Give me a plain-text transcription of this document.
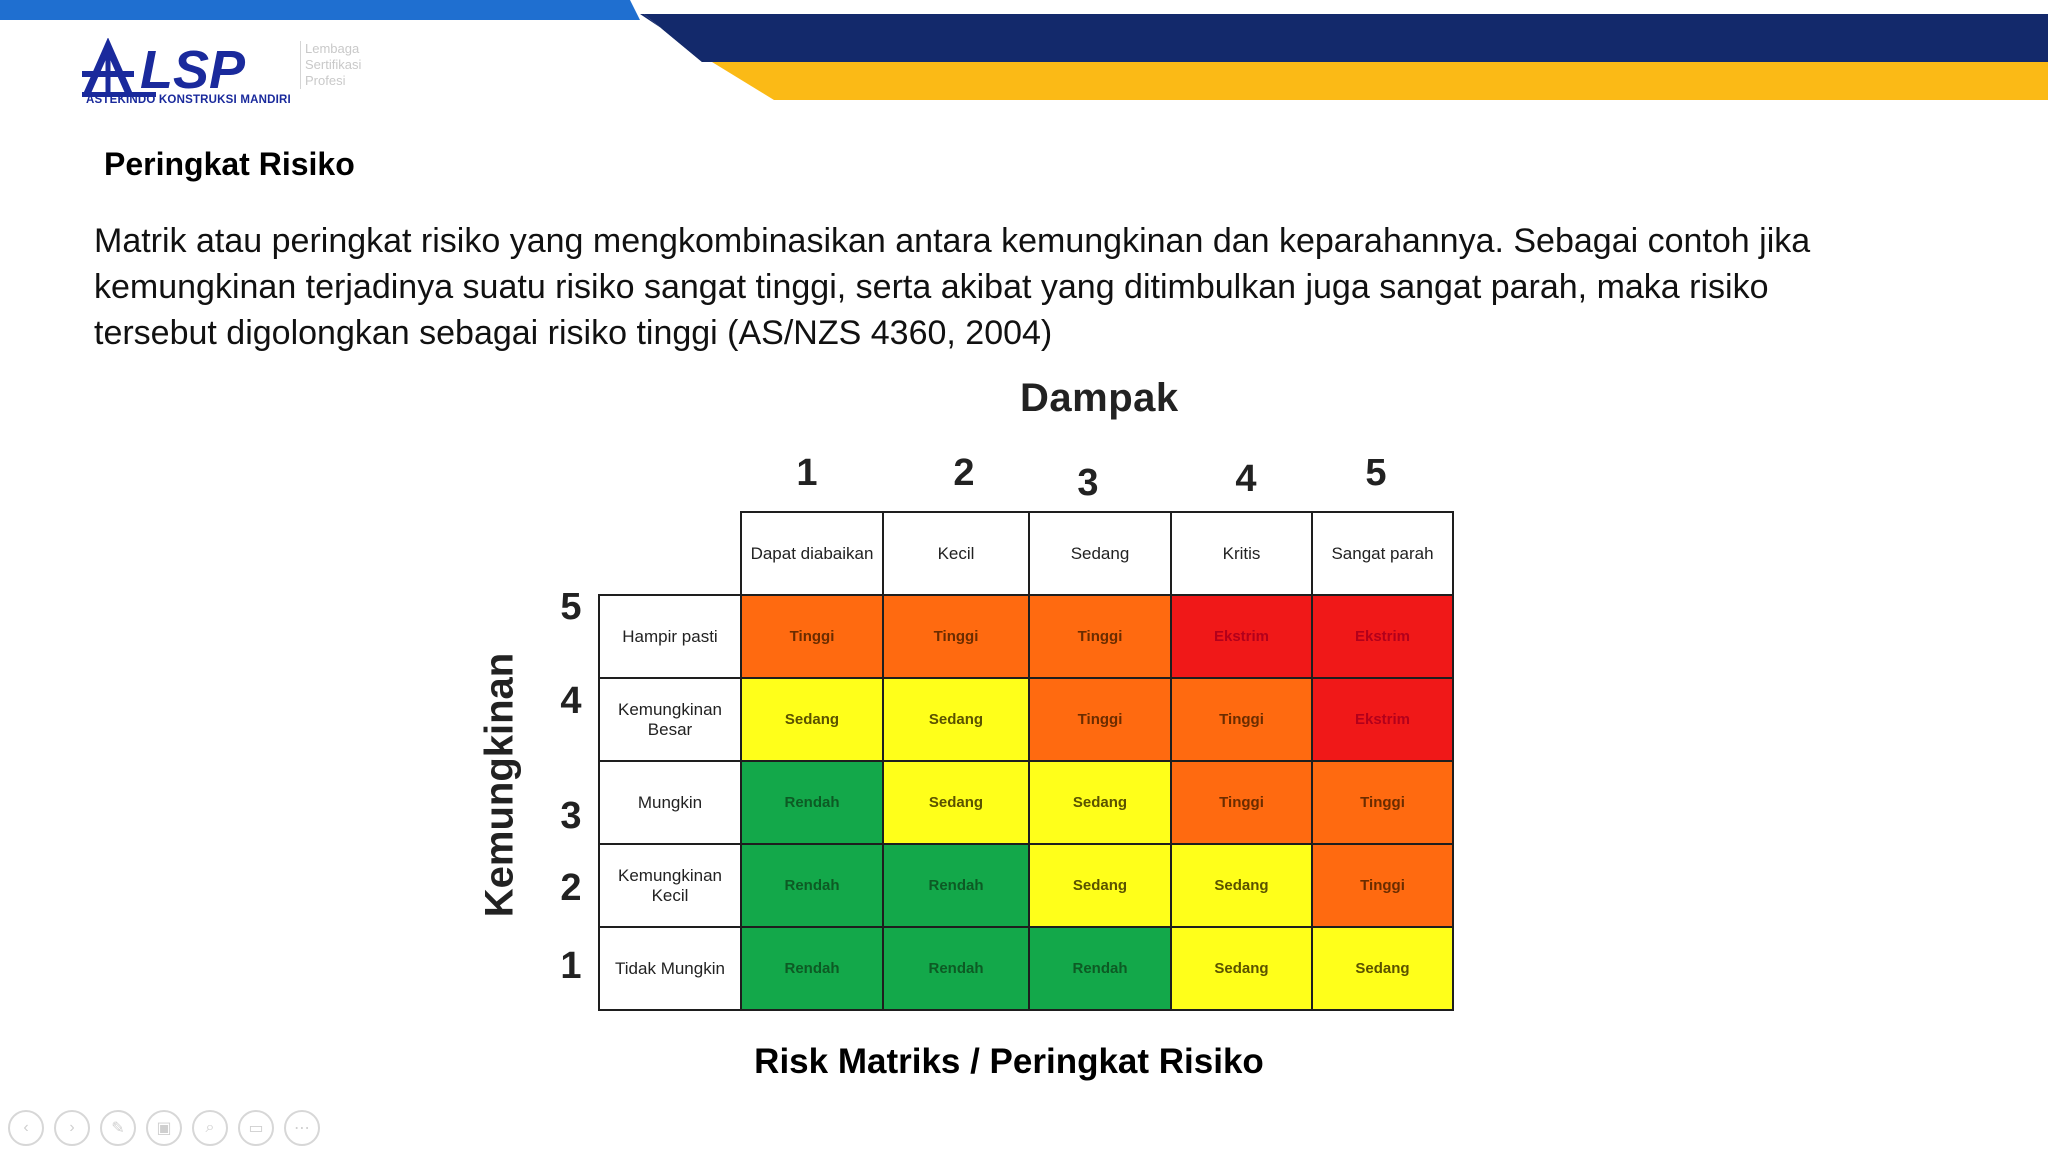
LSP
ASTEKINDO KONSTRUKSI MANDIRI
Lembaga
Sertifikasi
Profesi
Peringkat Risiko
Matrik atau peringkat risiko yang mengkombinasikan antara kemungkinan dan keparahannya. Sebagai contoh jika kemungkinan terjadinya suatu risiko sangat tinggi, serta akibat yang ditimbulkan juga sangat parah, maka risiko tersebut digolongkan sebagai risiko tinggi (AS/NZS 4360, 2004)
Dampak
1	2	3	4	5
Kemungkinan
5
4
3
2
1
	Dapat diabaikan	Kecil	Sedang	Kritis	Sangat parah
Hampir pasti	Tinggi	Tinggi	Tinggi	Ekstrim	Ekstrim
Kemungkinan Besar	Sedang	Sedang	Tinggi	Tinggi	Ekstrim
Mungkin	Rendah	Sedang	Sedang	Tinggi	Tinggi
Kemungkinan Kecil	Rendah	Rendah	Sedang	Sedang	Tinggi
Tidak Mungkin	Rendah	Rendah	Rendah	Sedang	Sedang
Risk Matriks / Peringkat Risiko
‹	› ✎ ▣ ⌕ ▭ ⋯
